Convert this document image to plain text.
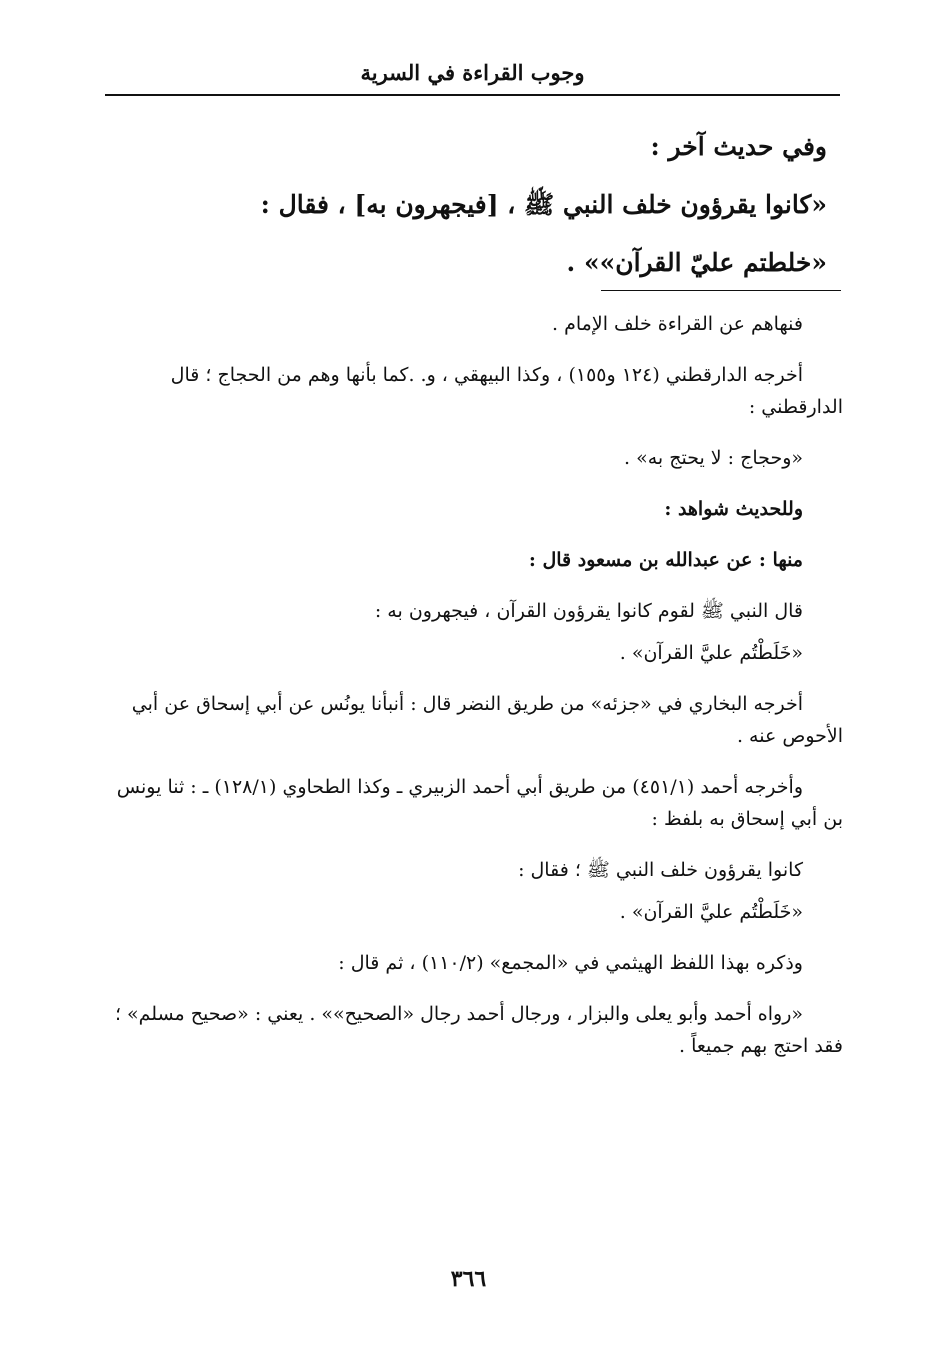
وجوب القراءة في السرية

وفي حديث آخر :

«كانوا يقرؤون خلف النبي ﷺ ، [فيجهرون به] ، فقال :

«خلطتم عليّ القرآن»» .

فنهاهم عن القراءة خلف الإمام .

أخرجه الدارقطني (١٢٤ و١٥٥) ، وكذا البيهقي ، و. .كما بأنها وهم من الحجاج ؛ قال الدارقطني :

«وحجاج : لا يحتج به» .

وللحديث شواهد :

منها : عن عبدالله بن مسعود قال :

قال النبي ﷺ لقوم كانوا يقرؤون القرآن ، فيجهرون به :

«خَلَطْتُم عليَّ القرآن» .

أخرجه البخاري في «جزئه» من طريق النضر قال : أنبأنا يونُس عن أبي إسحاق عن أبي الأحوص عنه .

وأخرجه أحمد (٤٥١/١) من طريق أبي أحمد الزبيري ـ وكذا الطحاوي (١٢٨/١) ـ : ثنا يونس بن أبي إسحاق به بلفظ :

كانوا يقرؤون خلف النبي ﷺ ؛ فقال :

«خَلَطْتُم عليَّ القرآن» .

وذكره بهذا اللفظ الهيثمي في «المجمع» (١١٠/٢) ، ثم قال :

«رواه أحمد وأبو يعلى والبزار ، ورجال أحمد رجال «الصحيح»» . يعني : «صحيح مسلم» ؛ فقد احتج بهم جميعاً .

٣٦٦
